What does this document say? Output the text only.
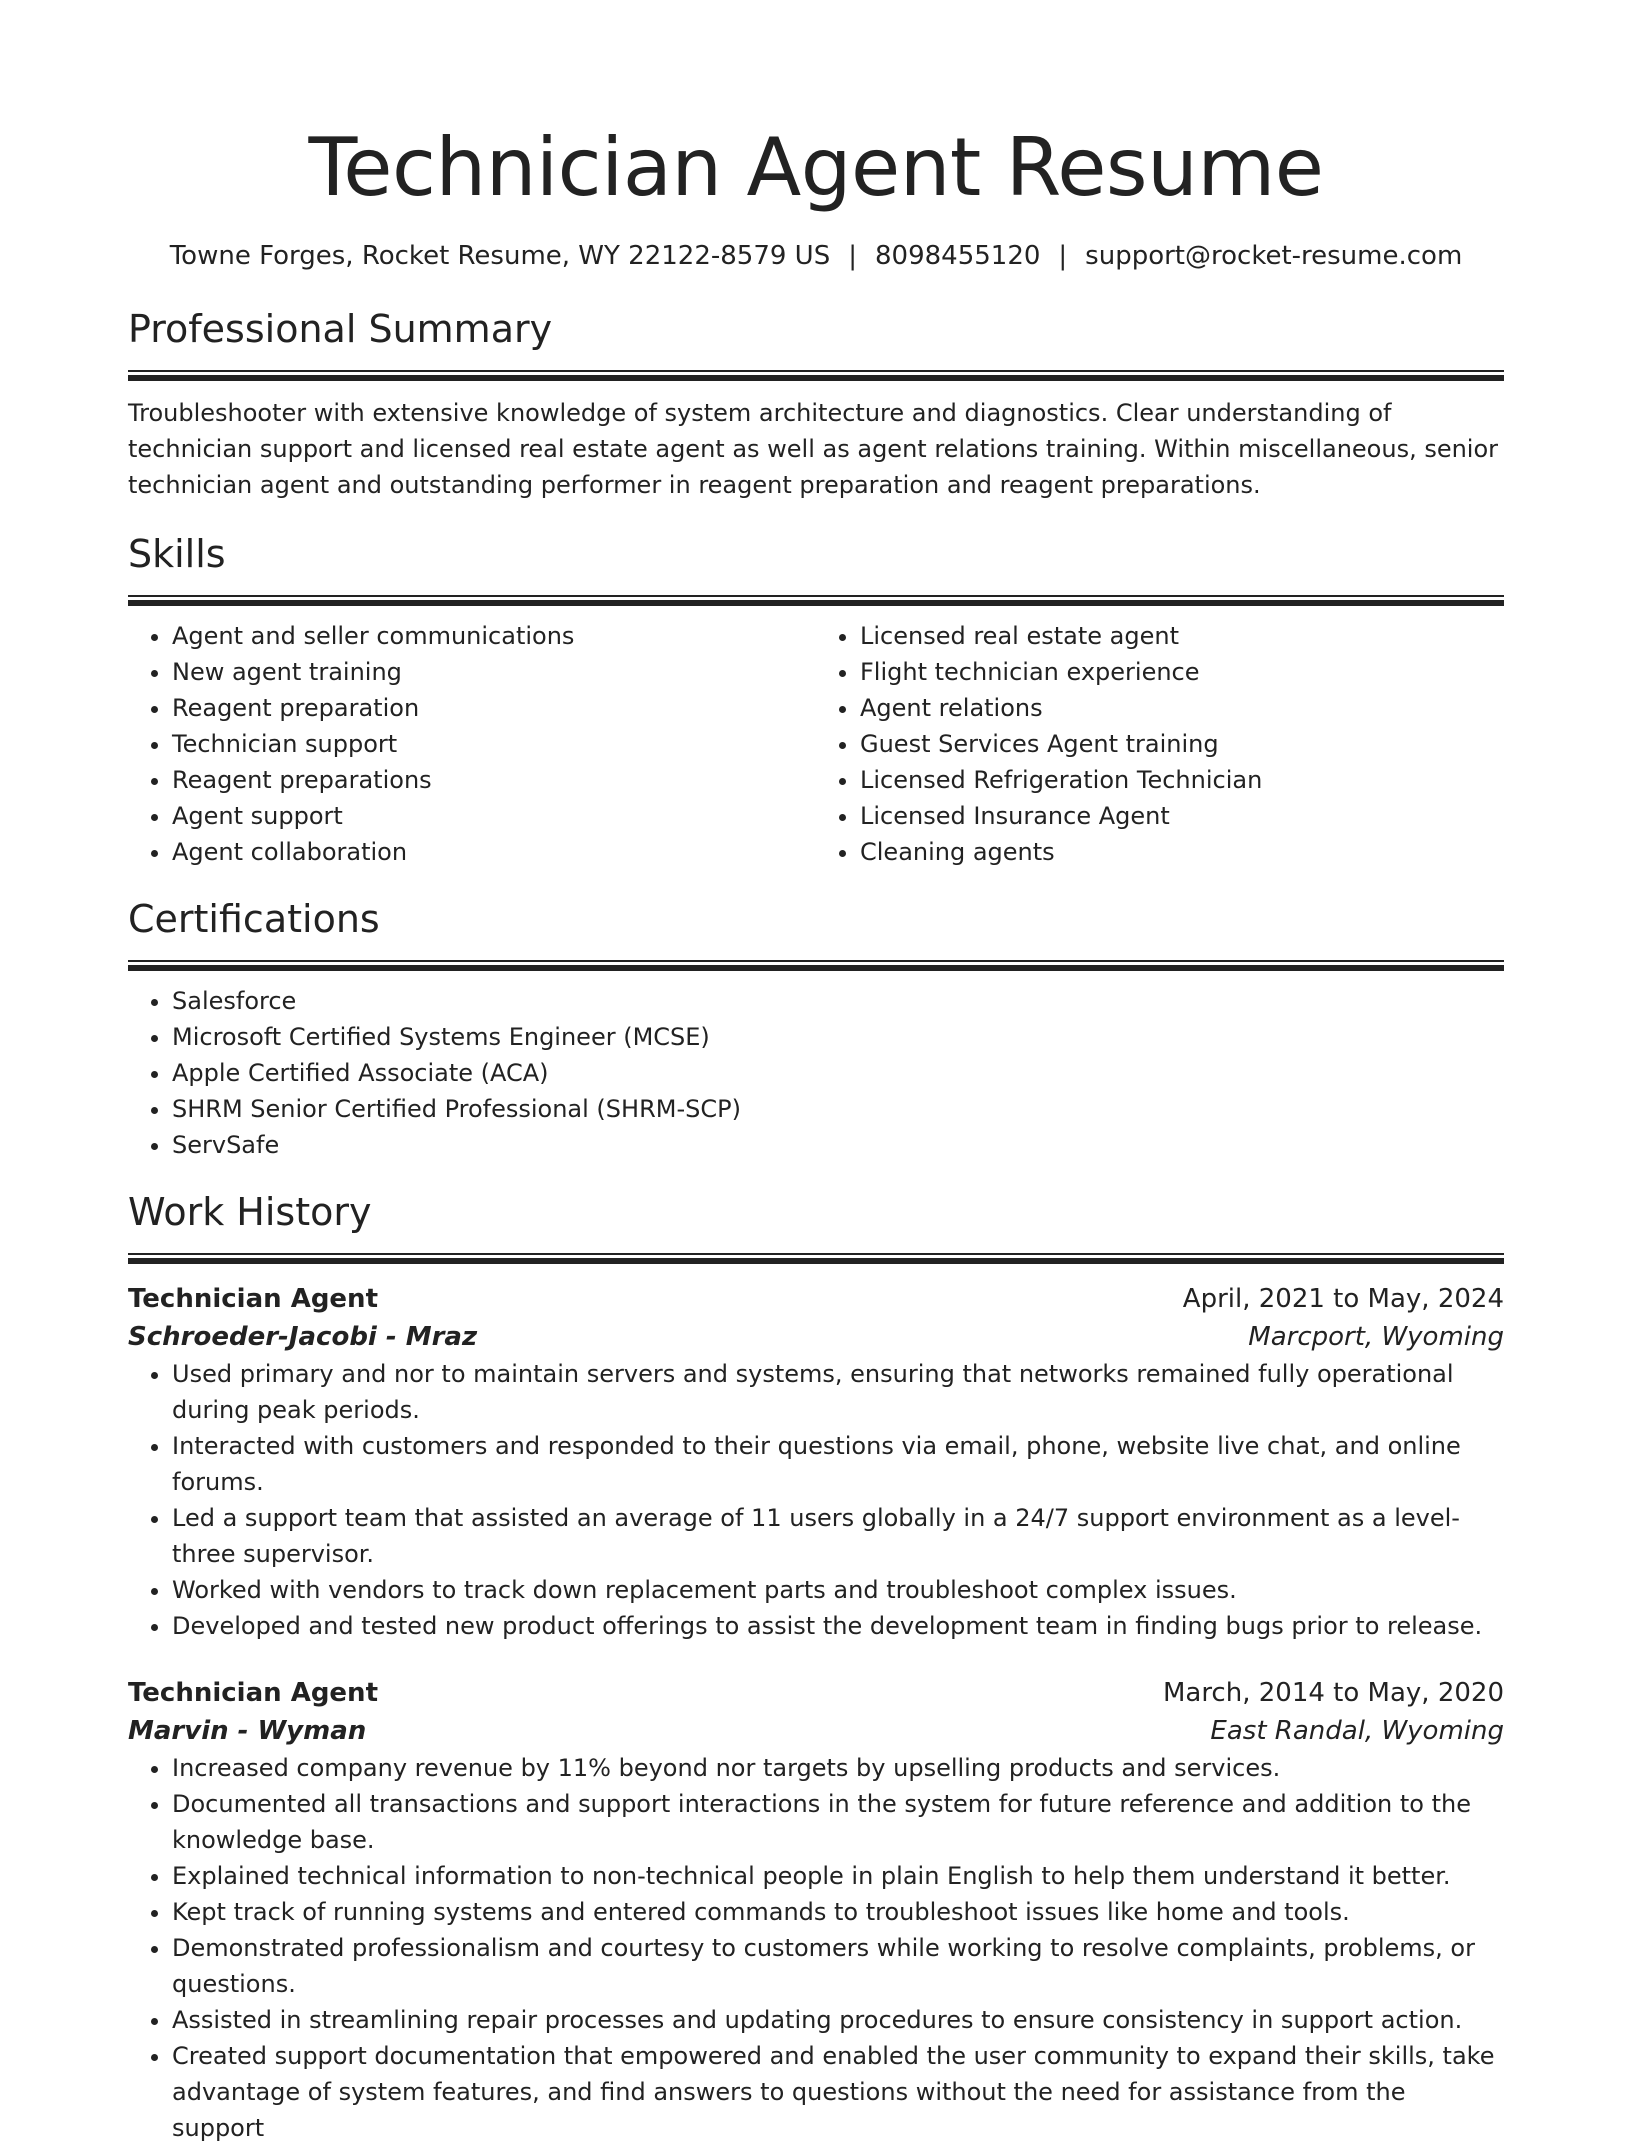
Technician Agent Resume
Towne Forges, Rocket Resume, WY 22122-8579 US | 8098455120 | support@rocket-resume.com
Professional Summary
Troubleshooter with extensive knowledge of system architecture and diagnostics. Clear understanding of technician support and licensed real estate agent as well as agent relations training. Within miscellaneous, senior technician agent and outstanding performer in reagent preparation and reagent preparations.
Skills
• Agent and seller communications
• New agent training
• Reagent preparation
• Technician support
• Reagent preparations
• Agent support
• Agent collaboration
• Licensed real estate agent
• Flight technician experience
• Agent relations
• Guest Services Agent training
• Licensed Refrigeration Technician
• Licensed Insurance Agent
• Cleaning agents
Certifications
• Salesforce
• Microsoft Certified Systems Engineer (MCSE)
• Apple Certified Associate (ACA)
• SHRM Senior Certified Professional (SHRM-SCP)
• ServSafe
Work History
Technician Agent	April, 2021 to May, 2024
Schroeder-Jacobi - Mraz	Marcport, Wyoming
• Used primary and nor to maintain servers and systems, ensuring that networks remained fully operational during peak periods.
• Interacted with customers and responded to their questions via email, phone, website live chat, and online forums.
• Led a support team that assisted an average of 11 users globally in a 24/7 support environment as a level-three supervisor.
• Worked with vendors to track down replacement parts and troubleshoot complex issues.
• Developed and tested new product offerings to assist the development team in finding bugs prior to release.
Technician Agent	March, 2014 to May, 2020
Marvin - Wyman	East Randal, Wyoming
• Increased company revenue by 11% beyond nor targets by upselling products and services.
• Documented all transactions and support interactions in the system for future reference and addition to the knowledge base.
• Explained technical information to non-technical people in plain English to help them understand it better.
• Kept track of running systems and entered commands to troubleshoot issues like home and tools.
• Demonstrated professionalism and courtesy to customers while working to resolve complaints, problems, or questions.
• Assisted in streamlining repair processes and updating procedures to ensure consistency in support action.
• Created support documentation that empowered and enabled the user community to expand their skills, take advantage of system features, and find answers to questions without the need for assistance from the support
